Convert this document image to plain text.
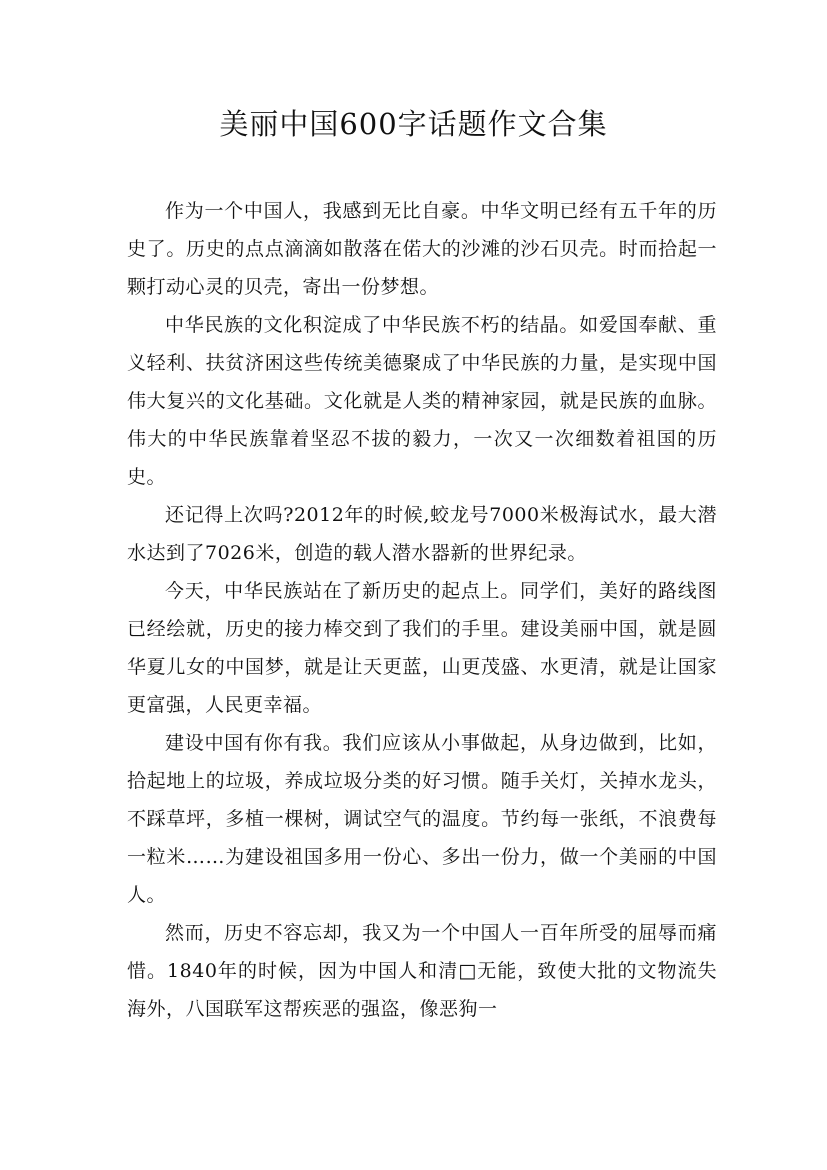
美丽中国600字话题作文合集

作为一个中国人，我感到无比自豪。中华文明已经有五千年的历史了。历史的点点滴滴如散落在偌大的沙滩的沙石贝壳。时而拾起一颗打动心灵的贝壳，寄出一份梦想。

中华民族的文化积淀成了中华民族不朽的结晶。如爱国奉献、重义轻利、扶贫济困这些传统美德聚成了中华民族的力量，是实现中国伟大复兴的文化基础。文化就是人类的精神家园，就是民族的血脉。伟大的中华民族靠着坚忍不拔的毅力，一次又一次细数着祖国的历史。

还记得上次吗?2012年的时候,蛟龙号7000米极海试水，最大潜水达到了7026米，创造的载人潜水器新的世界纪录。

今天，中华民族站在了新历史的起点上。同学们，美好的路线图已经绘就，历史的接力棒交到了我们的手里。建设美丽中国，就是圆华夏儿女的中国梦，就是让天更蓝，山更茂盛、水更清，就是让国家更富强，人民更幸福。

建设中国有你有我。我们应该从小事做起，从身边做到，比如，拾起地上的垃圾，养成垃圾分类的好习惯。随手关灯，关掉水龙头，不踩草坪，多植一棵树，调试空气的温度。节约每一张纸，不浪费每一粒米……为建设祖国多用一份心、多出一份力，做一个美丽的中国人。

然而，历史不容忘却，我又为一个中国人一百年所受的屈辱而痛惜。1840年的时候，因为中国人和清□无能，致使大批的文物流失海外，八国联军这帮疾恶的强盗，像恶狗一
